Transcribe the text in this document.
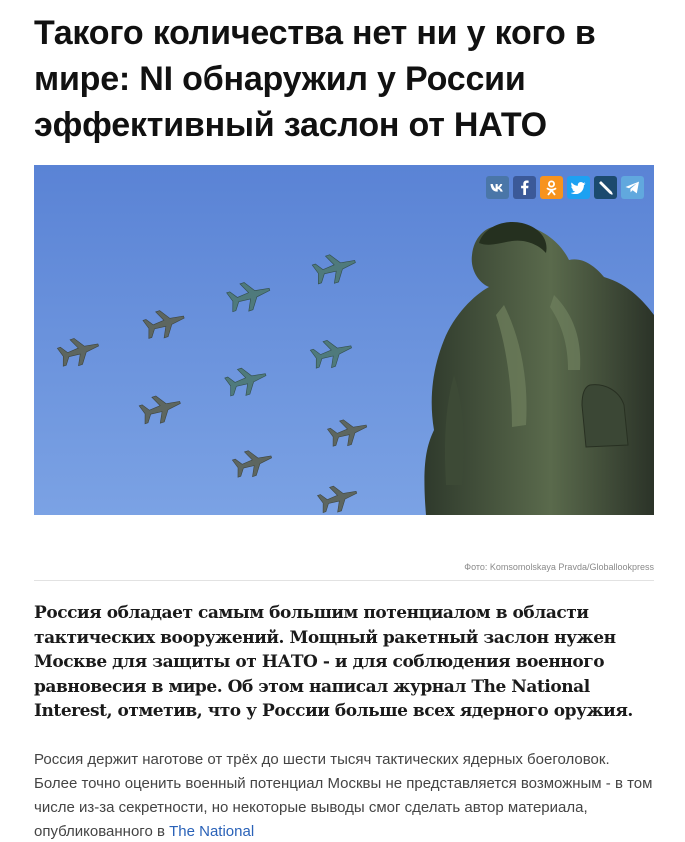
Такого количества нет ни у кого в мире: NI обнаружил у России эффективный заслон от НАТО
Фото: Komsomolskaya Pravda/Globallookpress

Россия обладает самым большим потенциалом в области тактических вооружений. Мощный ракетный заслон нужен Москве для защиты от НАТО - и для соблюдения военного равновесия в мире. Об этом написал журнал The National Interest, отметив, что у России больше всех ядерного оружия.

Россия держит наготове от трёх до шести тысяч тактических ядерных боеголовок. Более точно оценить военный потенциал Москвы не представляется возможным - в том числе из-за секретности, но некоторые выводы смог сделать автор материала, опубликованного в The National
